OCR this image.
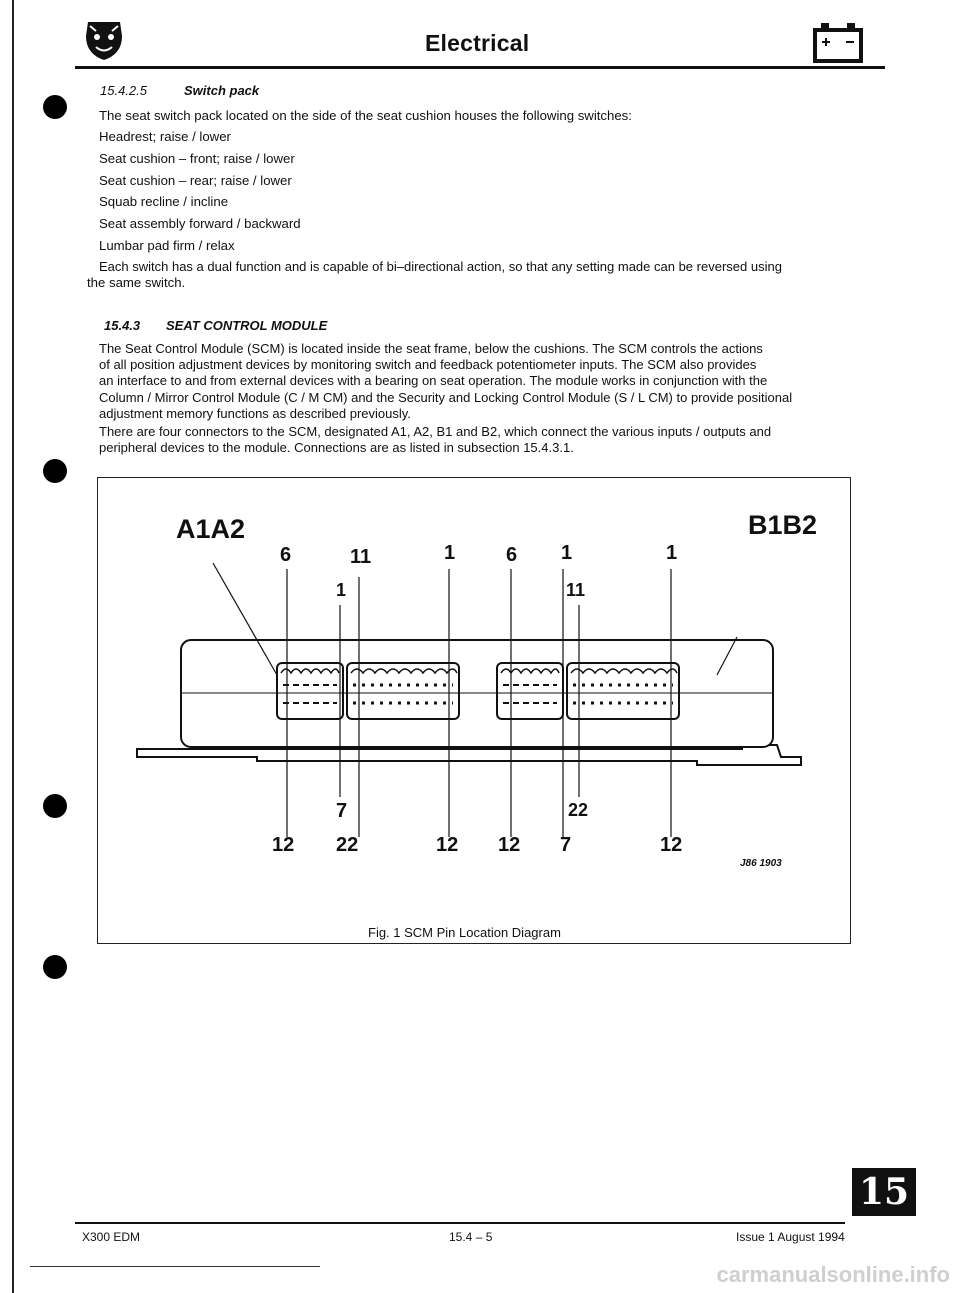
Electrical
15.4.2.5	Switch pack
The seat switch pack located on the side of the seat cushion houses the following switches:
Headrest; raise / lower
Seat cushion – front; raise / lower
Seat cushion – rear; raise / lower
Squab recline / incline
Seat assembly forward / backward
Lumbar pad firm / relax
Each switch has a dual function and is capable of bi–directional action, so that any setting made can be reversed using
the same switch.
15.4.3 SEAT CONTROL MODULE
The Seat Control Module (SCM) is located inside the seat frame, below the cushions. The SCM controls the actions
of all position adjustment devices by monitoring switch and feedback potentiometer inputs. The SCM also provides
an interface to and from external devices with a bearing on seat operation. The module works in conjunction with the
Column / Mirror Control Module (C / M CM) and the Security and Locking Control Module (S / L CM) to provide positional
adjustment memory functions as described previously.
There are four connectors to the SCM, designated A1, A2, B1 and B2, which connect the various inputs / outputs and
peripheral devices to the module. Connections are as listed in subsection 15.4.3.1.
A1A2	B1B2
6	11	1	6 1	1
1	11
7	22
12 22	12 12 7	12
J86 1903
Fig. 1 SCM Pin Location Diagram
15
X300 EDM	15.4 – 5	Issue 1 August 1994
carmanualsonline.info
